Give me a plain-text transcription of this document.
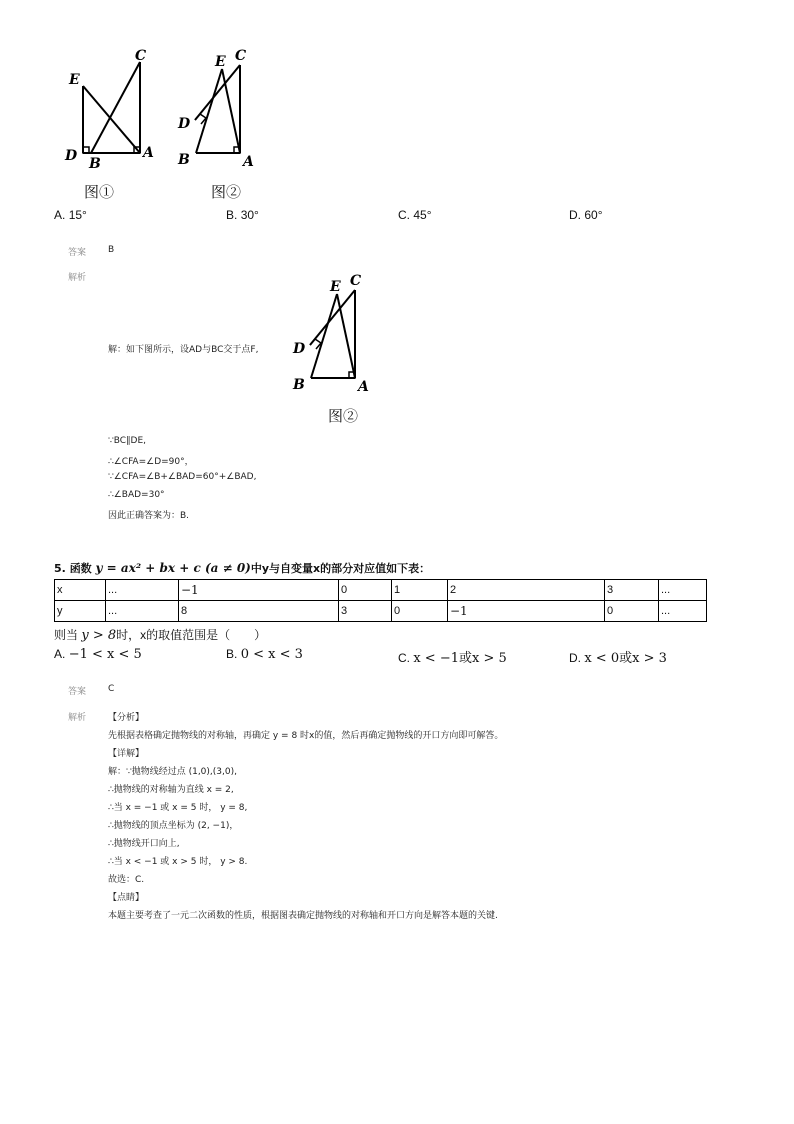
E
C
D B
A
图①
E C
D
B	A
图②
A. 15°	B. 30°	C. 45°	D. 60°
答案 B
解析
E C
D
B	A
图②
解：如下图所示，设AD与BC交于点F,
∵BC∥DE,
∴∠CFA=∠D=90°，
∵∠CFA=∠B+∠BAD=60°+∠BAD,
∴∠BAD=30°
因此正确答案为：B.
5. 函数 y = ax² + bx + c (a ≠ 0)中y与自变量x的部分对应值如下表：
x	...	−1	0	1	2	3	...
y	...	8	3	0	−1	0	...
则当 y > 8时，x的取值范围是（　　）
A. −1 < x < 5	B. 0 < x < 3	C. x < −1或x > 5	D. x < 0或x > 3
答案 C
解析 【分析】
先根据表格确定抛物线的对称轴，再确定 y = 8 时x的值，然后再确定抛物线的开口方向即可解答。
【详解】
解：∵抛物线经过点 (1,0),(3,0),
∴抛物线的对称轴为直线 x = 2,
∴当 x = −1 或 x = 5 时， y = 8,
∴抛物线的顶点坐标为 (2, −1)，
∴抛物线开口向上,
∴当 x < −1 或 x > 5 时， y > 8.
故选：C.
【点睛】
本题主要考查了一元二次函数的性质，根据图表确定抛物线的对称轴和开口方向是解答本题的关键.
